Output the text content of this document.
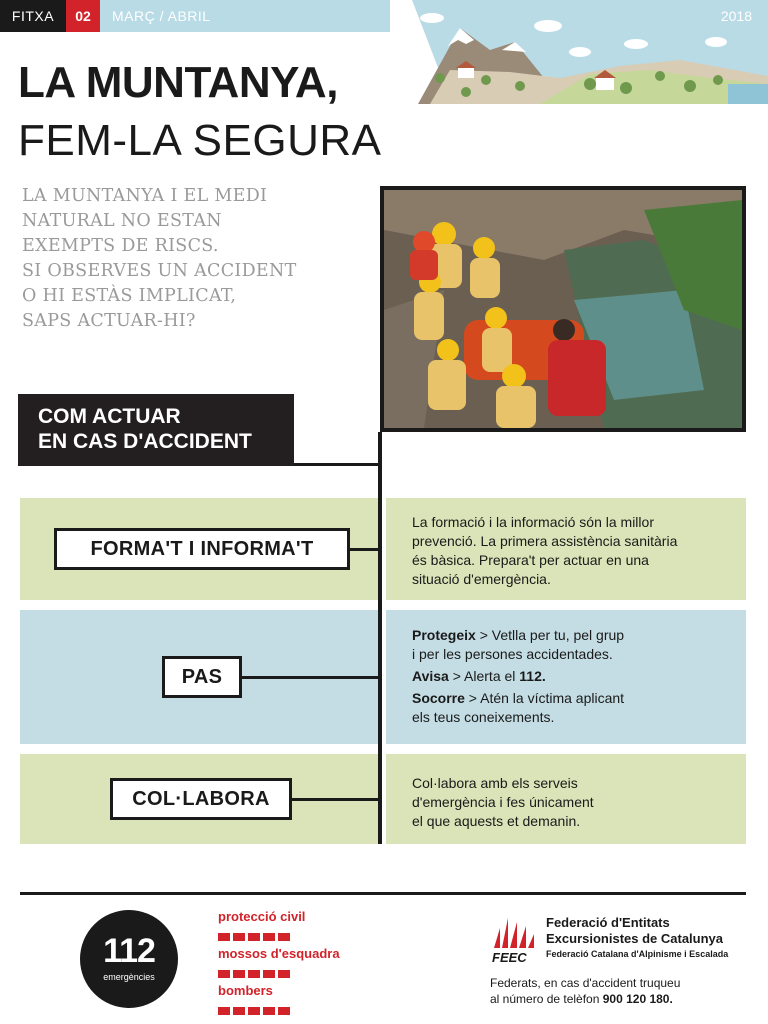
FITXA	02	MARÇ / ABRIL	2018
LA MUNTANYA,
FEM-LA SEGURA
LA MUNTANYA I EL MEDI
NATURAL NO ESTAN
EXEMPTS DE RISCS.
SI OBSERVES UN ACCIDENT
O HI ESTÀS IMPLICAT,
SAPS ACTUAR-HI?
COM ACTUAR
EN CAS D'ACCIDENT
FORMA'T I INFORMA'T
PAS
COL·LABORA
La formació i la informació són la millor
prevenció. La primera assistència sanitària
és bàsica. Prepara't per actuar en una
situació d'emergència.
Protegeix > Vetlla per tu, pel grup
i per les persones accidentades.
Avisa > Alerta el 112.
Socorre > Atén la víctima aplicant
els teus coneixements.
Col·labora amb els serveis
d'emergència i fes únicament
el que aquests et demanin.
112
emergències
protecció civil
mossos d'esquadra
bombers
FEEC
Federació d'Entitats
Excursionistes de Catalunya
Federació Catalana d'Alpinisme i Escalada
Federats, en cas d'accident truqueu
al número de telèfon 900 120 180.
